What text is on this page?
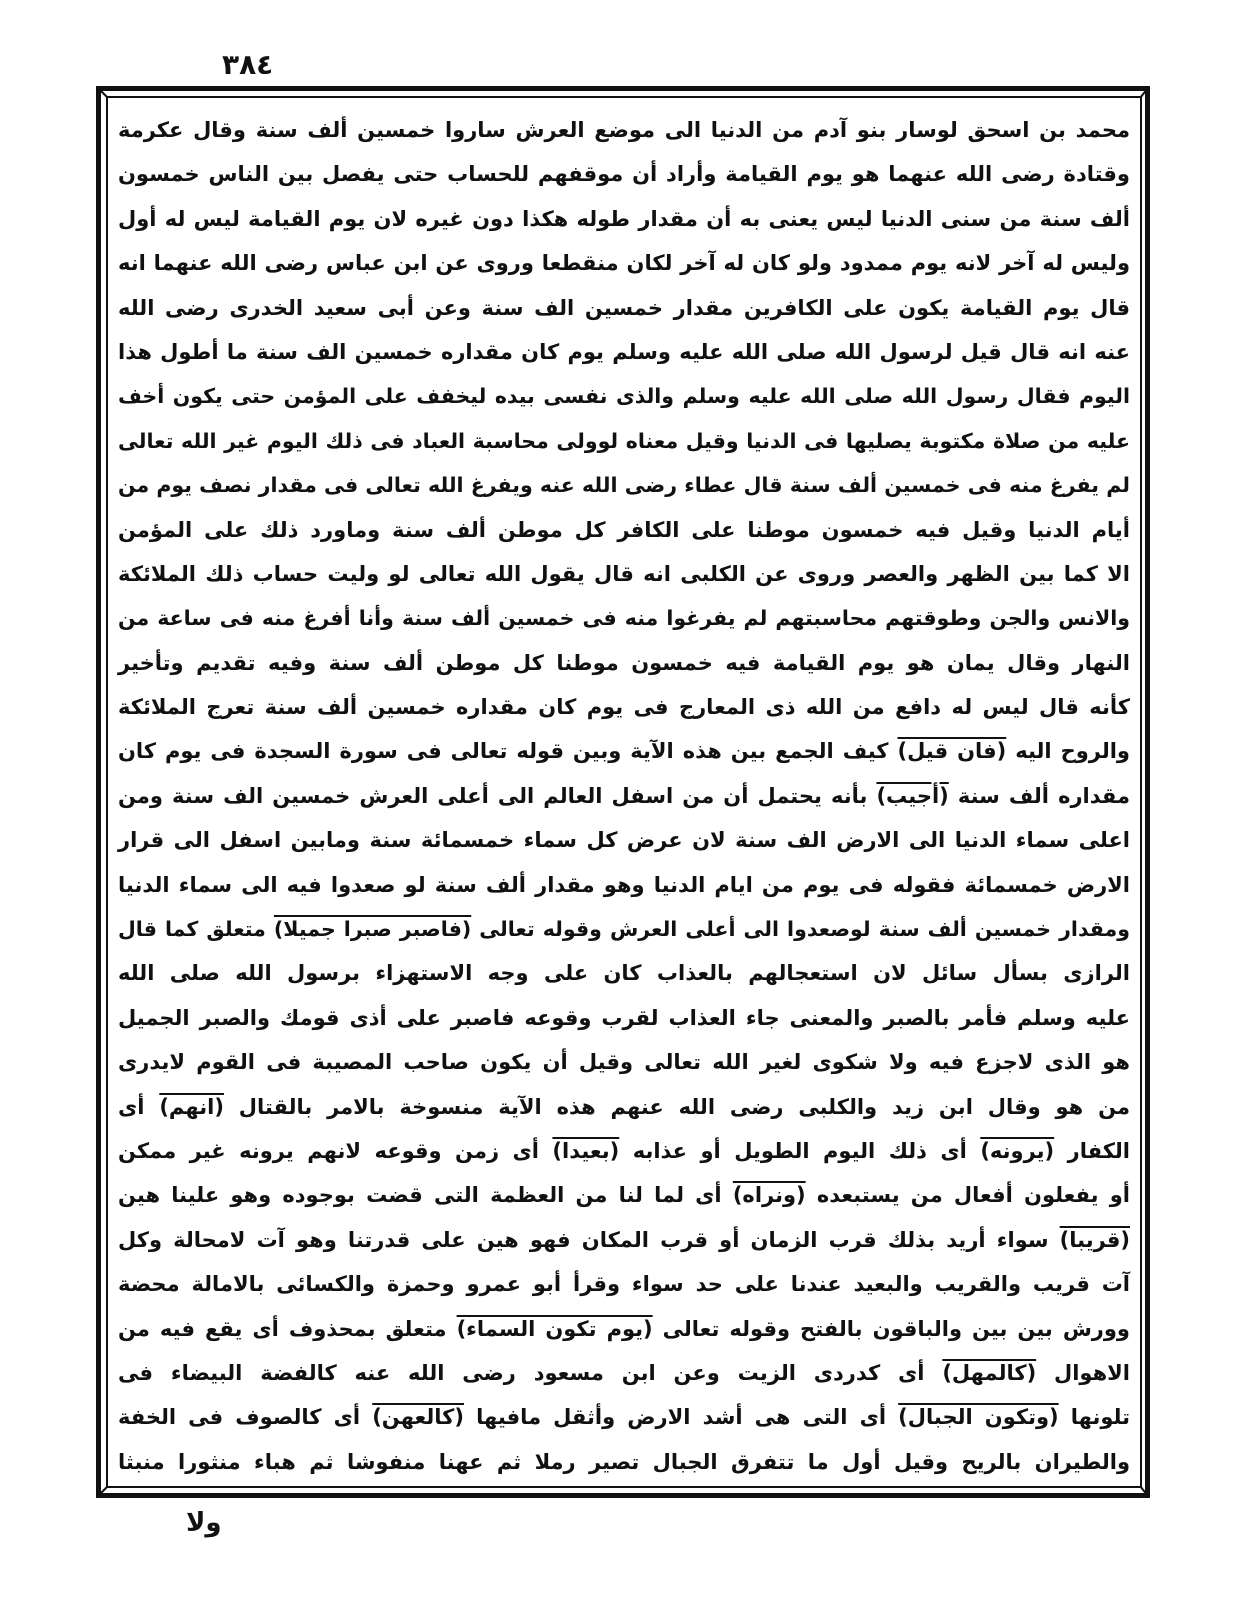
٣٨٤
محمد بن اسحق لوسار بنو آدم من الدنيا الى موضع العرش ساروا خمسين ألف سنة وقال عكرمة
وقتادة رضى الله عنهما هو يوم القيامة وأراد أن موقفهم للحساب حتى يفصل بين الناس خمسون
ألف سنة من سنى الدنيا ليس يعنى به أن مقدار طوله هكذا دون غيره لان يوم القيامة ليس له أول
وليس له آخر لانه يوم ممدود ولو كان له آخر لكان منقطعا وروى عن ابن عباس رضى الله عنهما انه
قال يوم القيامة يكون على الكافرين مقدار خمسين الف سنة وعن أبى سعيد الخدرى رضى الله
عنه انه قال قيل لرسول الله صلى الله عليه وسلم يوم كان مقداره خمسين الف سنة ما أطول هذا
اليوم فقال رسول الله صلى الله عليه وسلم والذى نفسى بيده ليخفف على المؤمن حتى يكون أخف
عليه من صلاة مكتوبة يصليها فى الدنيا وقيل معناه لوولى محاسبة العباد فى ذلك اليوم غير الله تعالى
لم يفرغ منه فى خمسين ألف سنة قال عطاء رضى الله عنه ويفرغ الله تعالى فى مقدار نصف يوم من
أيام الدنيا وقيل فيه خمسون موطنا على الكافر كل موطن ألف سنة وماورد ذلك على المؤمن
الا كما بين الظهر والعصر وروى عن الكلبى انه قال يقول الله تعالى لو وليت حساب ذلك الملائكة
والانس والجن وطوقتهم محاسبتهم لم يفرغوا منه فى خمسين ألف سنة وأنا أفرغ منه فى ساعة من
النهار وقال يمان هو يوم القيامة فيه خمسون موطنا كل موطن ألف سنة وفيه تقديم وتأخير
كأنه قال ليس له دافع من الله ذى المعارج فى يوم كان مقداره خمسين ألف سنة تعرج الملائكة
والروح اليه (فان قيل) كيف الجمع بين هذه الآية وبين قوله تعالى فى سورة السجدة فى يوم كان
مقداره ألف سنة (أجيب) بأنه يحتمل أن من اسفل العالم الى أعلى العرش خمسين الف سنة ومن
اعلى سماء الدنيا الى الارض الف سنة لان عرض كل سماء خمسمائة سنة ومابين اسفل الى قرار
الارض خمسمائة فقوله فى يوم من ايام الدنيا وهو مقدار ألف سنة لو صعدوا فيه الى سماء الدنيا
ومقدار خمسين ألف سنة لوصعدوا الى أعلى العرش وقوله تعالى (فاصبر صبرا جميلا) متعلق كما قال
الرازى بسأل سائل لان استعجالهم بالعذاب كان على وجه الاستهزاء برسول الله صلى الله
عليه وسلم فأمر بالصبر والمعنى جاء العذاب لقرب وقوعه فاصبر على أذى قومك والصبر الجميل
هو الذى لاجزع فيه ولا شكوى لغير الله تعالى وقيل أن يكون صاحب المصيبة فى القوم لايدرى
من هو وقال ابن زيد والكلبى رضى الله عنهم هذه الآية منسوخة بالامر بالقتال (انهم) أى
الكفار (يرونه) أى ذلك اليوم الطويل أو عذابه (بعيدا) أى زمن وقوعه لانهم يرونه غير ممكن
أو يفعلون أفعال من يستبعده (ونراه) أى لما لنا من العظمة التى قضت بوجوده وهو علينا هين
(قريبا) سواء أريد بذلك قرب الزمان أو قرب المكان فهو هين على قدرتنا وهو آت لامحالة وكل
آت قريب والقريب والبعيد عندنا على حد سواء وقرأ أبو عمرو وحمزة والكسائى بالامالة محضة
وورش بين بين والباقون بالفتح وقوله تعالى (يوم تكون السماء) متعلق بمحذوف أى يقع فيه من
الاهوال (كالمهل) أى كدردى الزيت وعن ابن مسعود رضى الله عنه كالفضة البيضاء فى
تلونها (وتكون الجبال) أى التى هى أشد الارض وأثقل مافيها (كالعهن) أى كالصوف فى الخفة
والطيران بالريح وقيل أول ما تتفرق الجبال تصير رملا ثم عهنا منفوشا ثم هباء منثورا منبثا
ولا
